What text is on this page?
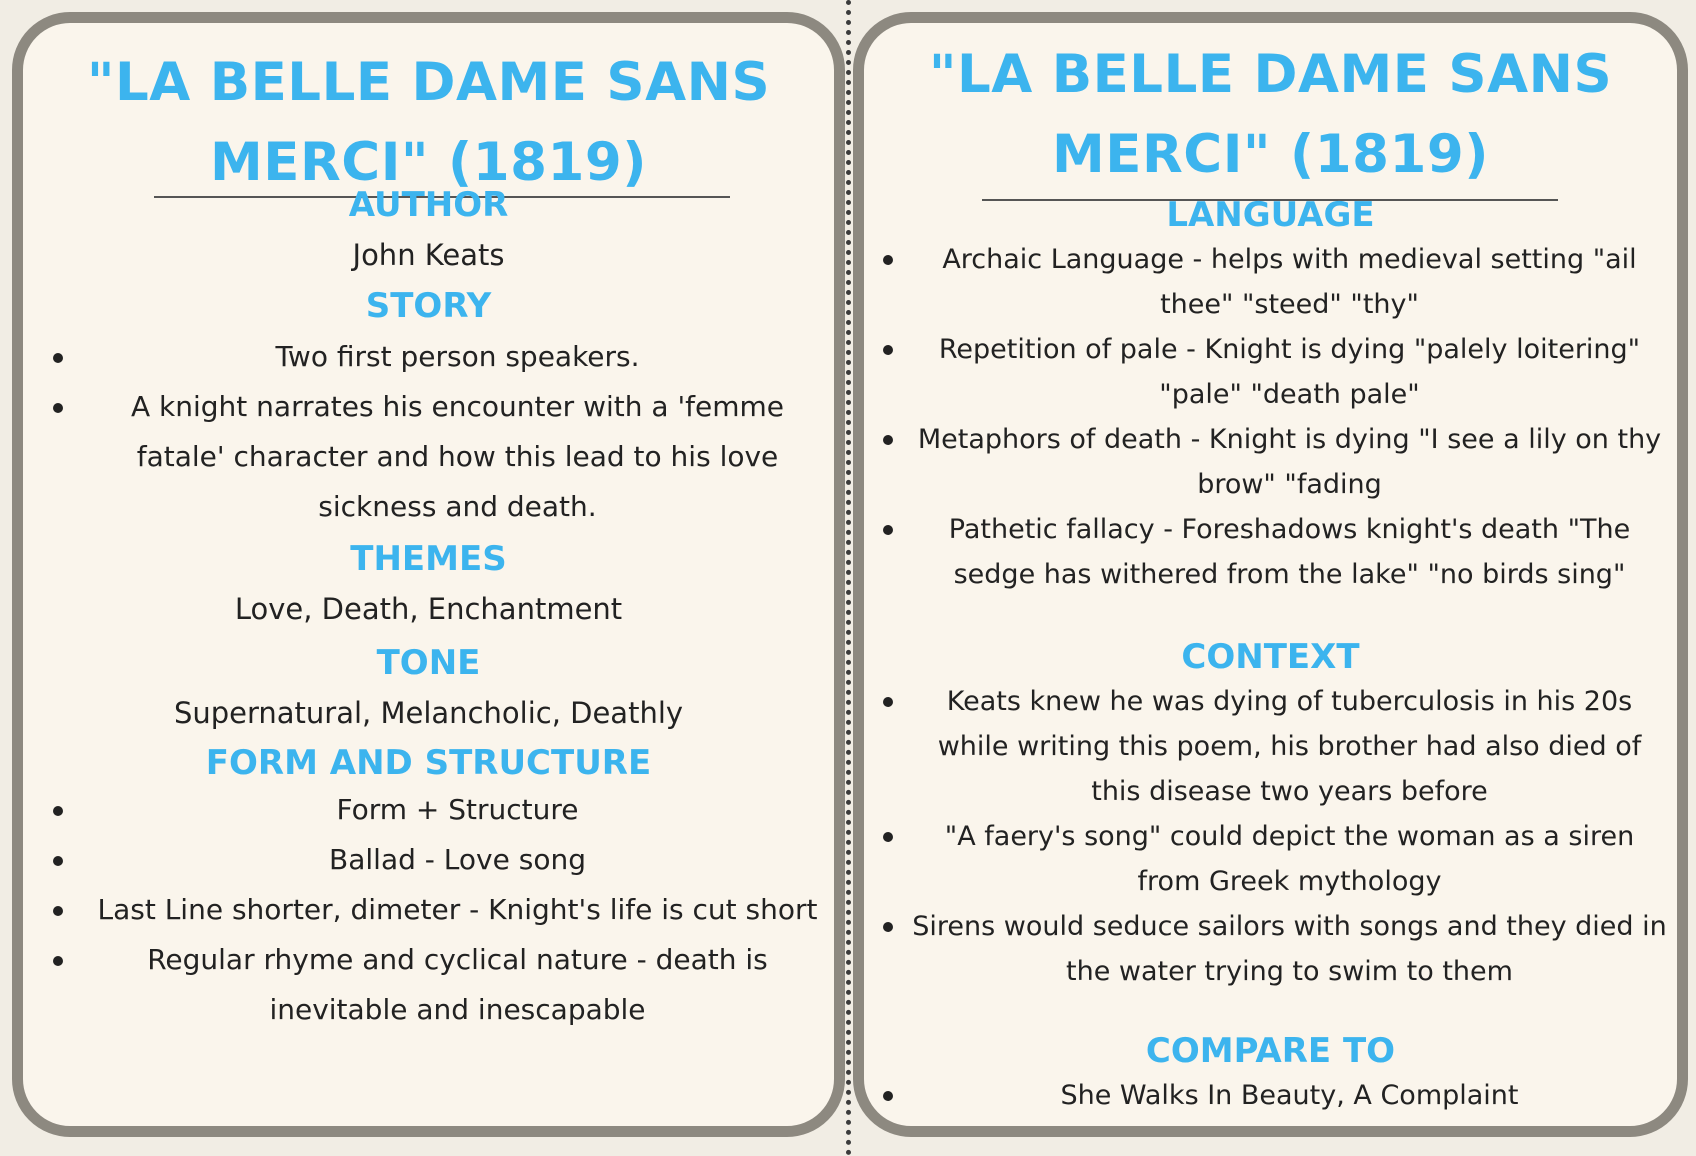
"LA BELLE DAME SANS
MERCI" (1819)
AUTHOR
John Keats
STORY
Two first person speakers.
A knight narrates his encounter with a 'femme fatale' character and how this lead to his love sickness and death.
THEMES
Love, Death, Enchantment
TONE
Supernatural, Melancholic, Deathly
FORM AND STRUCTURE
Form + Structure
Ballad - Love song
Last Line shorter, dimeter - Knight's life is cut short
Regular rhyme and cyclical nature - death is inevitable and inescapable
"LA BELLE DAME SANS
MERCI" (1819)
LANGUAGE
Archaic Language - helps with medieval setting "ail thee" "steed" "thy"
Repetition of pale - Knight is dying "palely loitering" "pale" "death pale"
Metaphors of death - Knight is dying "I see a lily on thy brow" "fading
Pathetic fallacy - Foreshadows knight's death "The sedge has withered from the lake" "no birds sing"
CONTEXT
Keats knew he was dying of tuberculosis in his 20s while writing this poem, his brother had also died of this disease two years before
"A faery's song" could depict the woman as a siren from Greek mythology
Sirens would seduce sailors with songs and they died in the water trying to swim to them
COMPARE TO
She Walks In Beauty, A Complaint
